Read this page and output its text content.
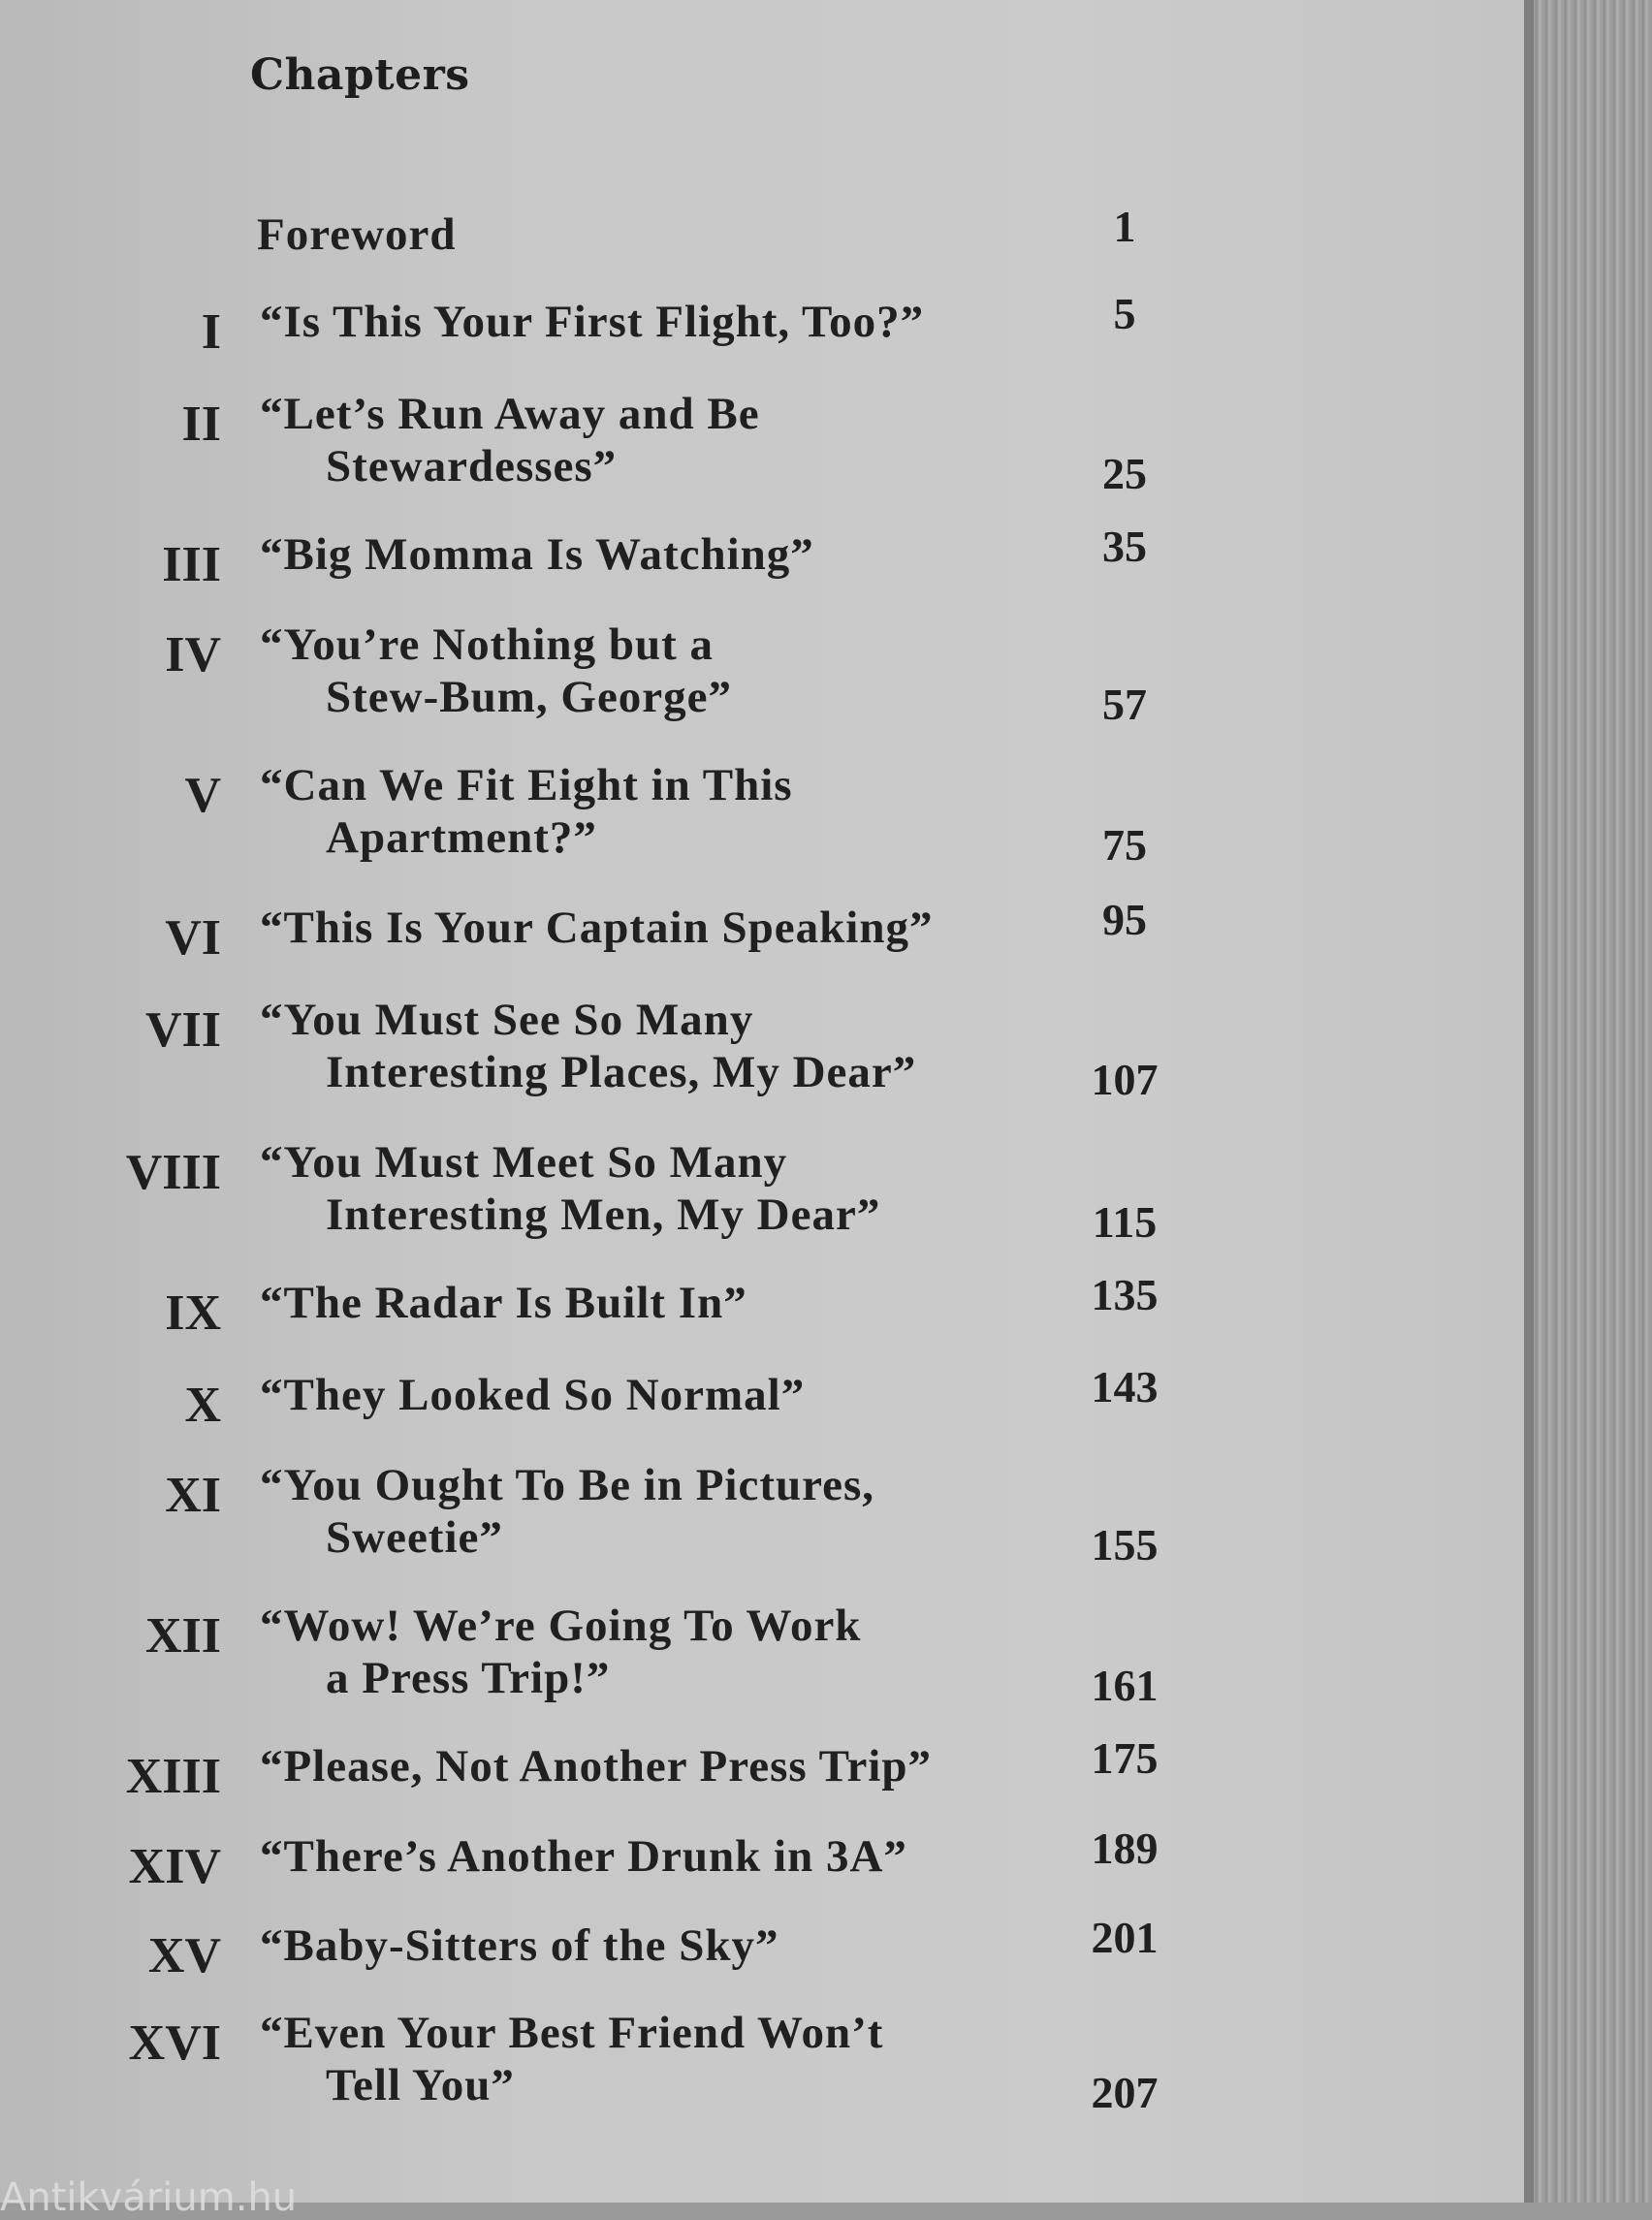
Chapters
Foreword	1
I “Is This Your First Flight, Too?”	5
II “Let’s Run Away and Be
Stewardesses”	25
III “Big Momma Is Watching”	35
IV “You’re Nothing but a
Stew-Bum, George”	57
V “Can We Fit Eight in This
Apartment?”	75
VI “This Is Your Captain Speaking”	95
VII “You Must See So Many
Interesting Places, My Dear”	107
VIII “You Must Meet So Many
Interesting Men, My Dear”	115
IX “The Radar Is Built In”	135
X “They Looked So Normal”	143
XI “You Ought To Be in Pictures,
Sweetie”	155
XII “Wow! We’re Going To Work
a Press Trip!”	161
XIII “Please, Not Another Press Trip”	175
XIV “There’s Another Drunk in 3A”	189
XV “Baby-Sitters of the Sky”	201
XVI “Even Your Best Friend Won’t
Tell You”	207
Antikvárium.hu
